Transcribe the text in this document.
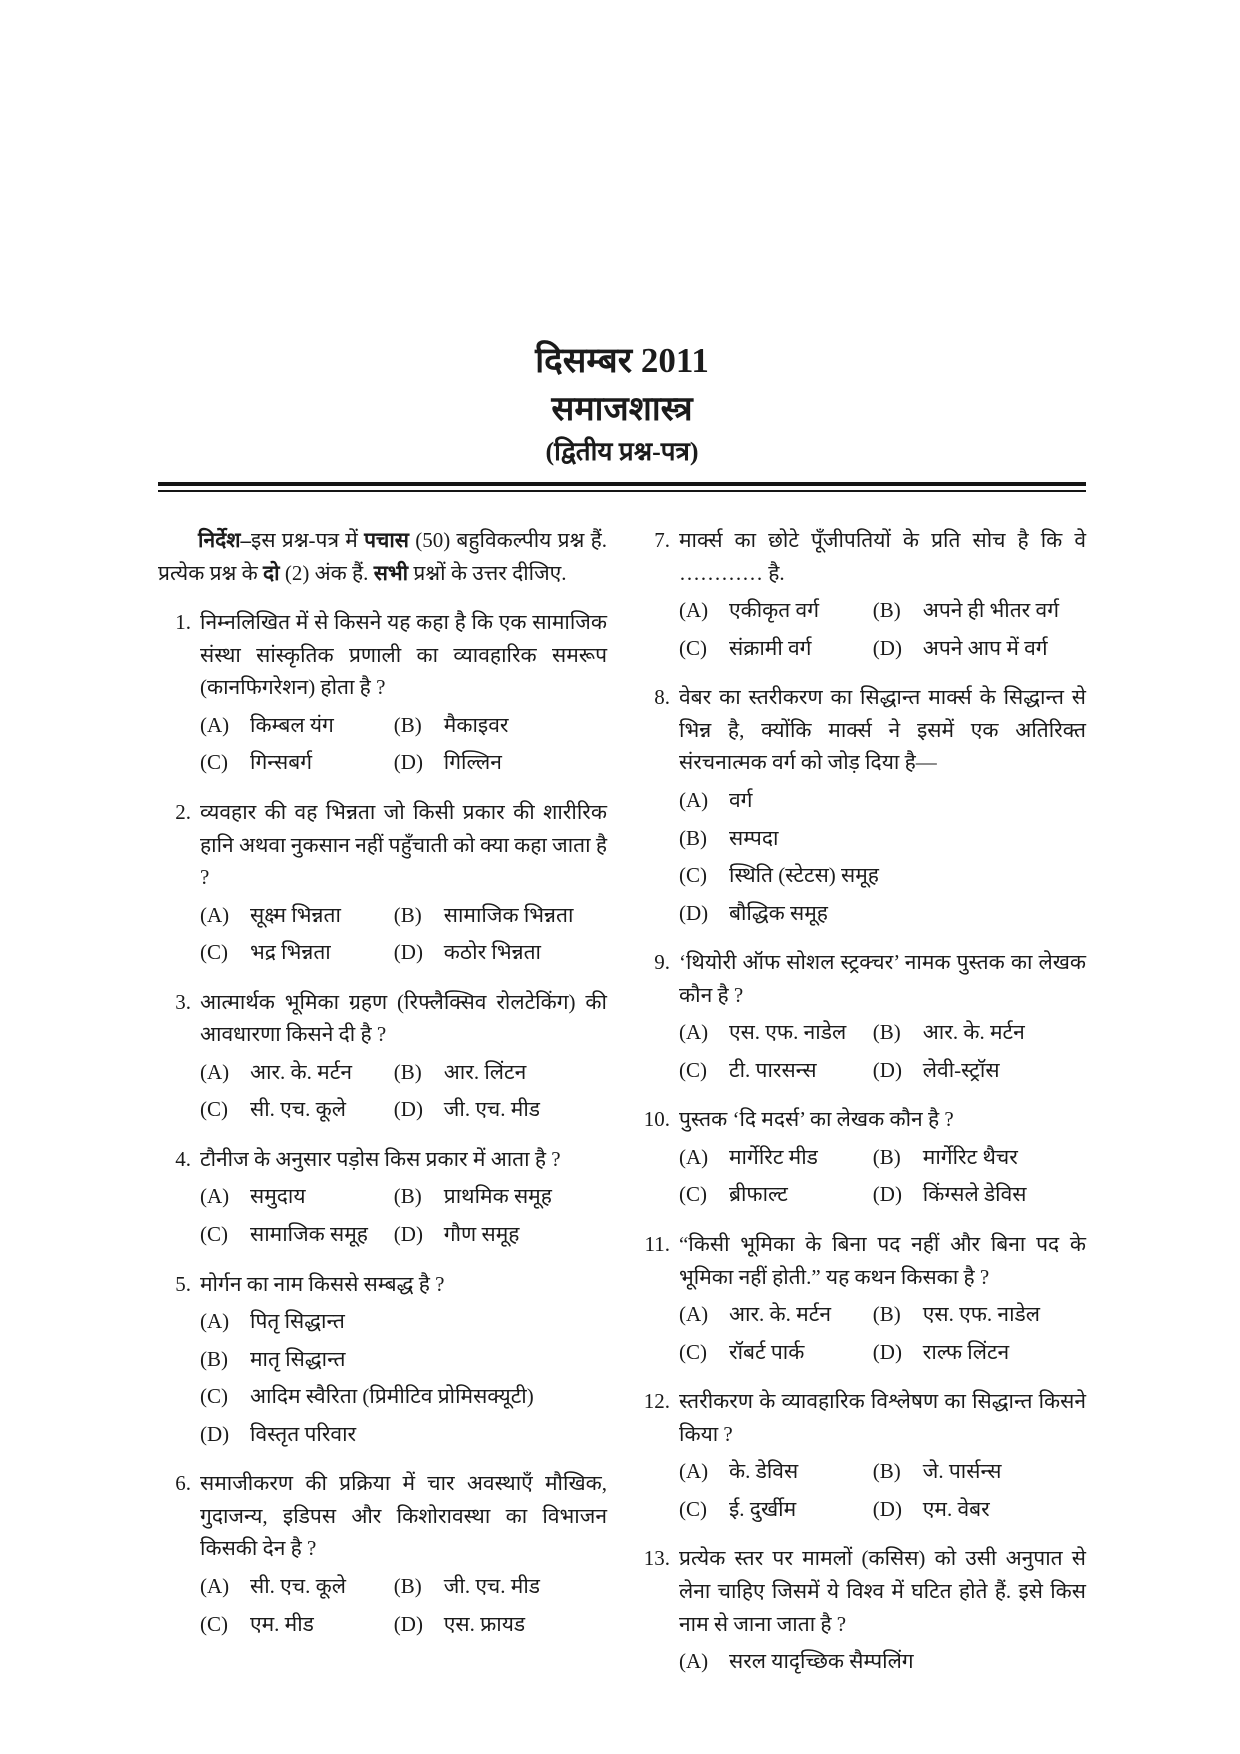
दिसम्बर 2011
समाजशास्त्र
(द्वितीय प्रश्न-पत्र)

निर्देश–इस प्रश्न-पत्र में पचास (50) बहुविकल्पीय प्रश्न हैं. प्रत्येक प्रश्न के दो (2) अंक हैं. सभी प्रश्नों के उत्तर दीजिए.

1. निम्नलिखित में से किसने यह कहा है कि एक सामाजिक संस्था सांस्कृतिक प्रणाली का व्यावहारिक समरूप (कानफिगरेशन) होता है ?
(A) किम्बल यंग	(B)	मैकाइवर
(C)	गिन्सबर्ग	(D) गिल्लिन
2. व्यवहार की वह भिन्नता जो किसी प्रकार की शारीरिक हानि अथवा नुकसान नहीं पहुँचाती को क्या कहा जाता है ?
(A) सूक्ष्म भिन्नता	(B)	सामाजिक भिन्नता
(C)	भद्र भिन्नता	(D) कठोर भिन्नता
3. आत्मार्थक भूमिका ग्रहण (रिफ्लैक्सिव रोलटेकिंग) की आवधारणा किसने दी है ?
(A) आर. के. मर्टन	(B)	आर. लिंटन
(C)	सी. एच. कूले	(D) जी. एच. मीड
4. टौनीज के अनुसार पड़ोस किस प्रकार में आता है ?
(A) समुदाय	(B)	प्राथमिक समूह
(C)	सामाजिक समूह	(D) गौण समूह
5. मोर्गन का नाम किससे सम्बद्ध है ?
(A) पितृ सिद्धान्त
(B)	मातृ सिद्धान्त
(C)	आदिम स्वैरिता (प्रिमीटिव प्रोमिसक्यूटी)
(D) विस्तृत परिवार
6. समाजीकरण की प्रक्रिया में चार अवस्थाएँ मौखिक, गुदाजन्य, इडिपस और किशोरावस्था का विभाजन किसकी देन है ?
(A) सी. एच. कूले	(B)	जी. एच. मीड
(C)	एम. मीड	(D) एस. फ्रायड
7. मार्क्स का छोटे पूँजीपतियों के प्रति सोच है कि वे ………… है.
(A) एकीकृत वर्ग	(B)	अपने ही भीतर वर्ग
(C)	संक्रामी वर्ग	(D) अपने आप में वर्ग
8. वेबर का स्तरीकरण का सिद्धान्त मार्क्स के सिद्धान्त से भिन्न है, क्योंकि मार्क्स ने इसमें एक अतिरिक्त संरचनात्मक वर्ग को जोड़ दिया है—
(A) वर्ग
(B)	सम्पदा
(C)	स्थिति (स्टेटस) समूह
(D) बौद्धिक समूह
9. ‘थियोरी ऑफ सोशल स्ट्रक्चर’ नामक पुस्तक का लेखक कौन है ?
(A) एस. एफ. नाडेल	(B)	आर. के. मर्टन
(C)	टी. पारसन्स	(D) लेवी-स्ट्रॉस
10. पुस्तक ‘दि मदर्स’ का लेखक कौन है ?
(A) मार्गेरिट मीड	(B)	मार्गेरिट थैचर
(C)	ब्रीफाल्ट	(D) किंग्सले डेविस
11. “किसी भूमिका के बिना पद नहीं और बिना पद के भूमिका नहीं होती.” यह कथन किसका है ?
(A) आर. के. मर्टन	(B)	एस. एफ. नाडेल
(C)	रॉबर्ट पार्क	(D) राल्फ लिंटन
12. स्तरीकरण के व्यावहारिक विश्लेषण का सिद्धान्त किसने किया ?
(A) के. डेविस	(B)	जे. पार्सन्स
(C)	ई. दुर्खीम	(D) एम. वेबर
13. प्रत्येक स्तर पर मामलों (कसिस) को उसी अनुपात से लेना चाहिए जिसमें ये विश्व में घटित होते हैं. इसे किस नाम से जाना जाता है ?
(A) सरल यादृच्छिक सैम्पलिंग
